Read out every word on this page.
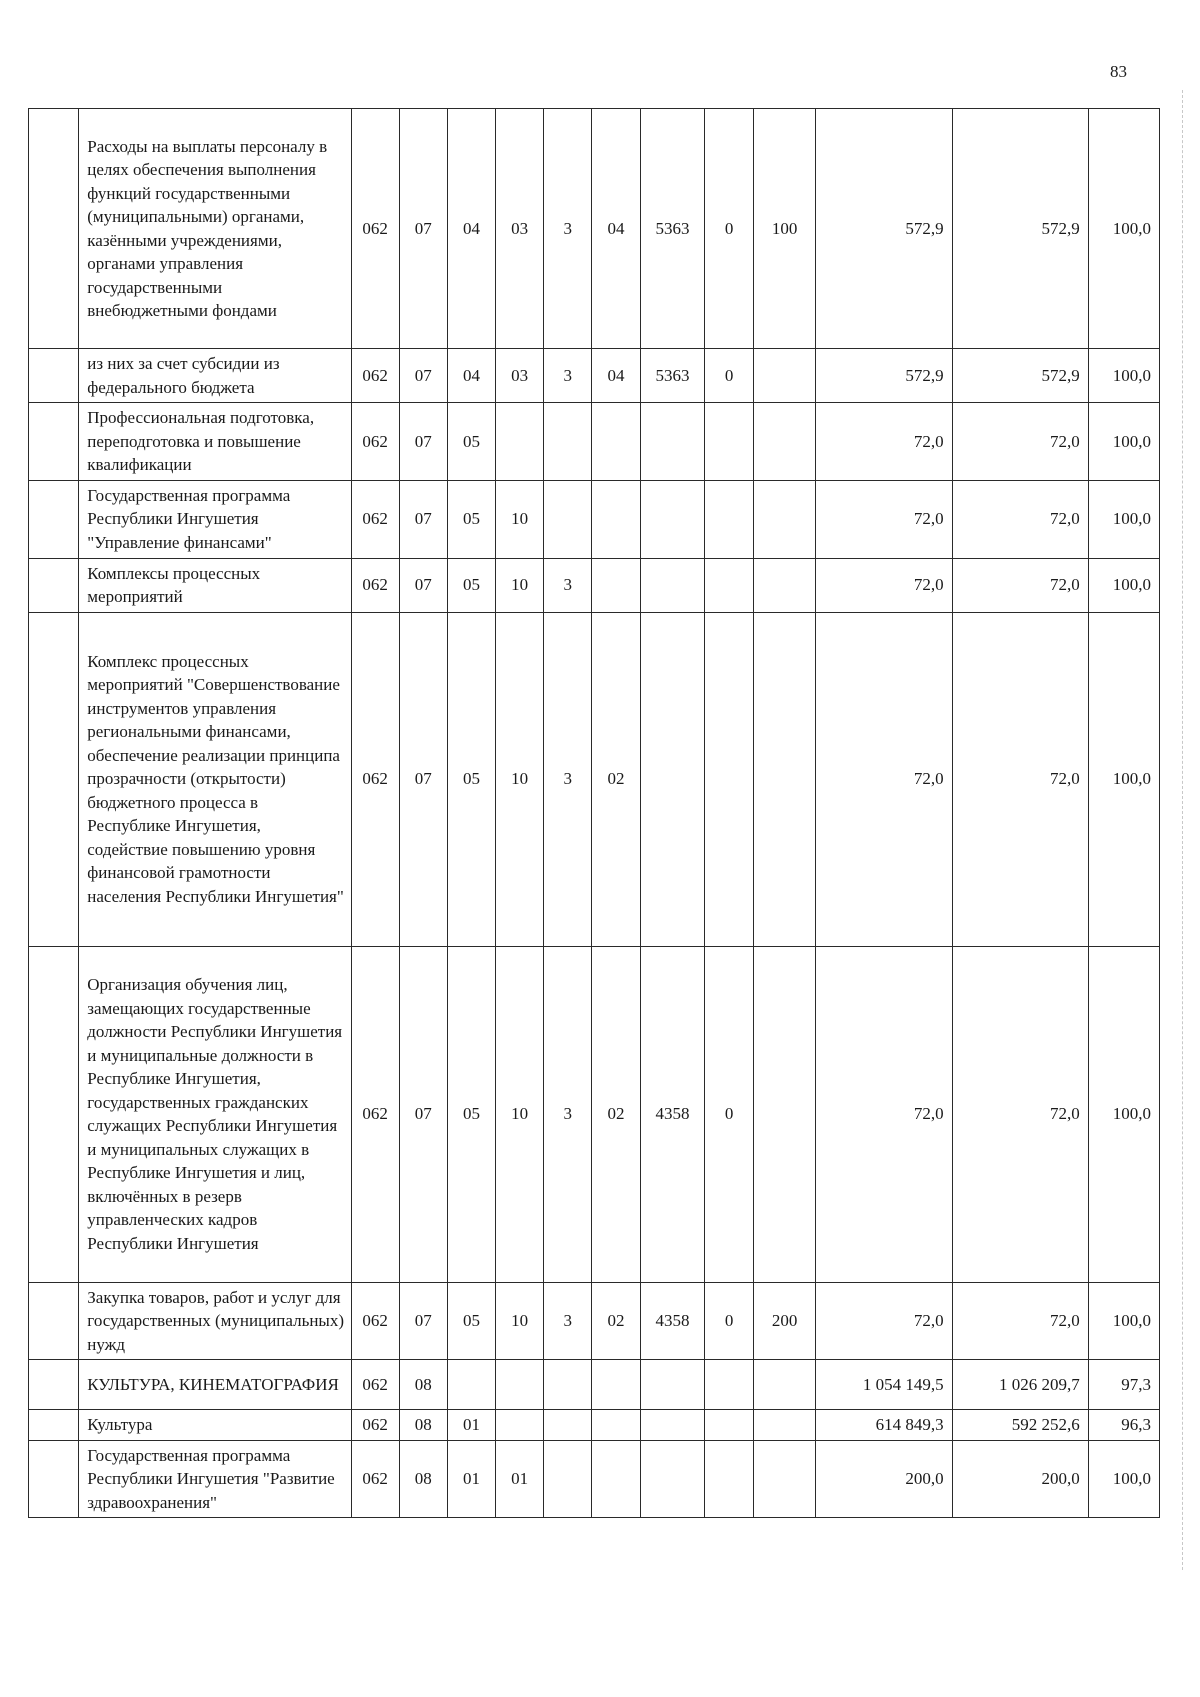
83
	Расходы на выплаты персоналу в целях обеспечения выполнения функций государственными (муниципальными) органами, казёнными учреждениями, органами управления государственными внебюджетными фондами	062	07	04	03	3	04	5363	0	100	572,9	572,9	100,0
	из них за счет субсидии из федерального бюджета	062	07	04	03	3	04	5363	0		572,9	572,9	100,0
	Профессиональная подготовка, переподготовка и повышение квалификации	062	07	05							72,0	72,0	100,0
	Государственная программа Республики Ингушетия "Управление финансами"	062	07	05	10						72,0	72,0	100,0
	Комплексы процессных мероприятий	062	07	05	10	3					72,0	72,0	100,0
	Комплекс процессных мероприятий "Совершенствование инструментов управления региональными финансами, обеспечение реализации принципа прозрачности (открытости) бюджетного процесса в Республике Ингушетия, содействие повышению уровня финансовой грамотности населения Республики Ингушетия"	062	07	05	10	3	02				72,0	72,0	100,0
	Организация обучения лиц, замещающих государственные должности Республики Ингушетия и муниципальные должности в Республике Ингушетия, государственных гражданских служащих Республики Ингушетия и муниципальных служащих в Республике Ингушетия и лиц, включённых в резерв управленческих кадров Республики Ингушетия	062	07	05	10	3	02	4358	0		72,0	72,0	100,0
	Закупка товаров, работ и услуг для государственных (муниципальных) нужд	062	07	05	10	3	02	4358	0	200	72,0	72,0	100,0
	КУЛЬТУРА, КИНЕМАТОГРАФИЯ	062	08								1 054 149,5	1 026 209,7	97,3
	Культура	062	08	01							614 849,3	592 252,6	96,3
	Государственная программа Республики Ингушетия "Развитие здравоохранения"	062	08	01	01						200,0	200,0	100,0
